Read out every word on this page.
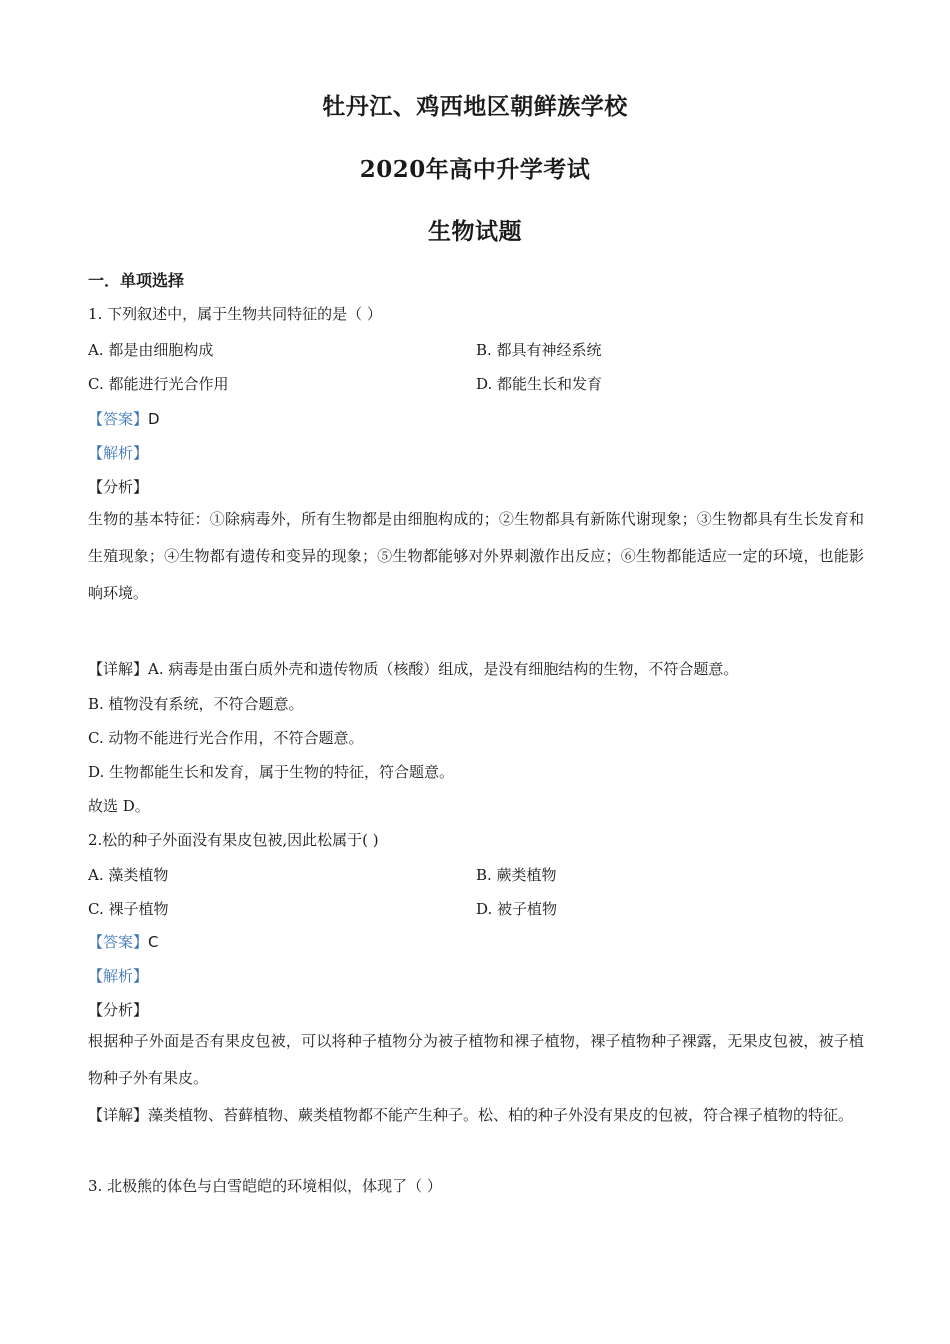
牡丹江、鸡西地区朝鲜族学校
2020年高中升学考试
生物试题
一．单项选择
1. 下列叙述中，属于生物共同特征的是（ ）
A. 都是由细胞构成	B. 都具有神经系统
C. 都能进行光合作用	D. 都能生长和发育
【答案】D
【解析】
【分析】
生物的基本特征：①除病毒外，所有生物都是由细胞构成的；②生物都具有新陈代谢现象；③生物都具有生长发育和生殖现象；④生物都有遗传和变异的现象；⑤生物都能够对外界刺激作出反应；⑥生物都能适应一定的环境，也能影响环境。
【详解】A. 病毒是由蛋白质外壳和遗传物质（核酸）组成，是没有细胞结构的生物，不符合题意。
B. 植物没有系统，不符合题意。
C. 动物不能进行光合作用，不符合题意。
D. 生物都能生长和发育，属于生物的特征，符合题意。
故选 D。
2.松的种子外面没有果皮包被,因此松属于( )
A. 藻类植物	B. 蕨类植物
C. 裸子植物	D. 被子植物
【答案】C
【解析】
【分析】
根据种子外面是否有果皮包被，可以将种子植物分为被子植物和裸子植物，裸子植物种子裸露，无果皮包被，被子植物种子外有果皮。
【详解】藻类植物、苔藓植物、蕨类植物都不能产生种子。松、柏的种子外没有果皮的包被，符合裸子植物的特征。
3. 北极熊的体色与白雪皑皑的环境相似，体现了（ ）
